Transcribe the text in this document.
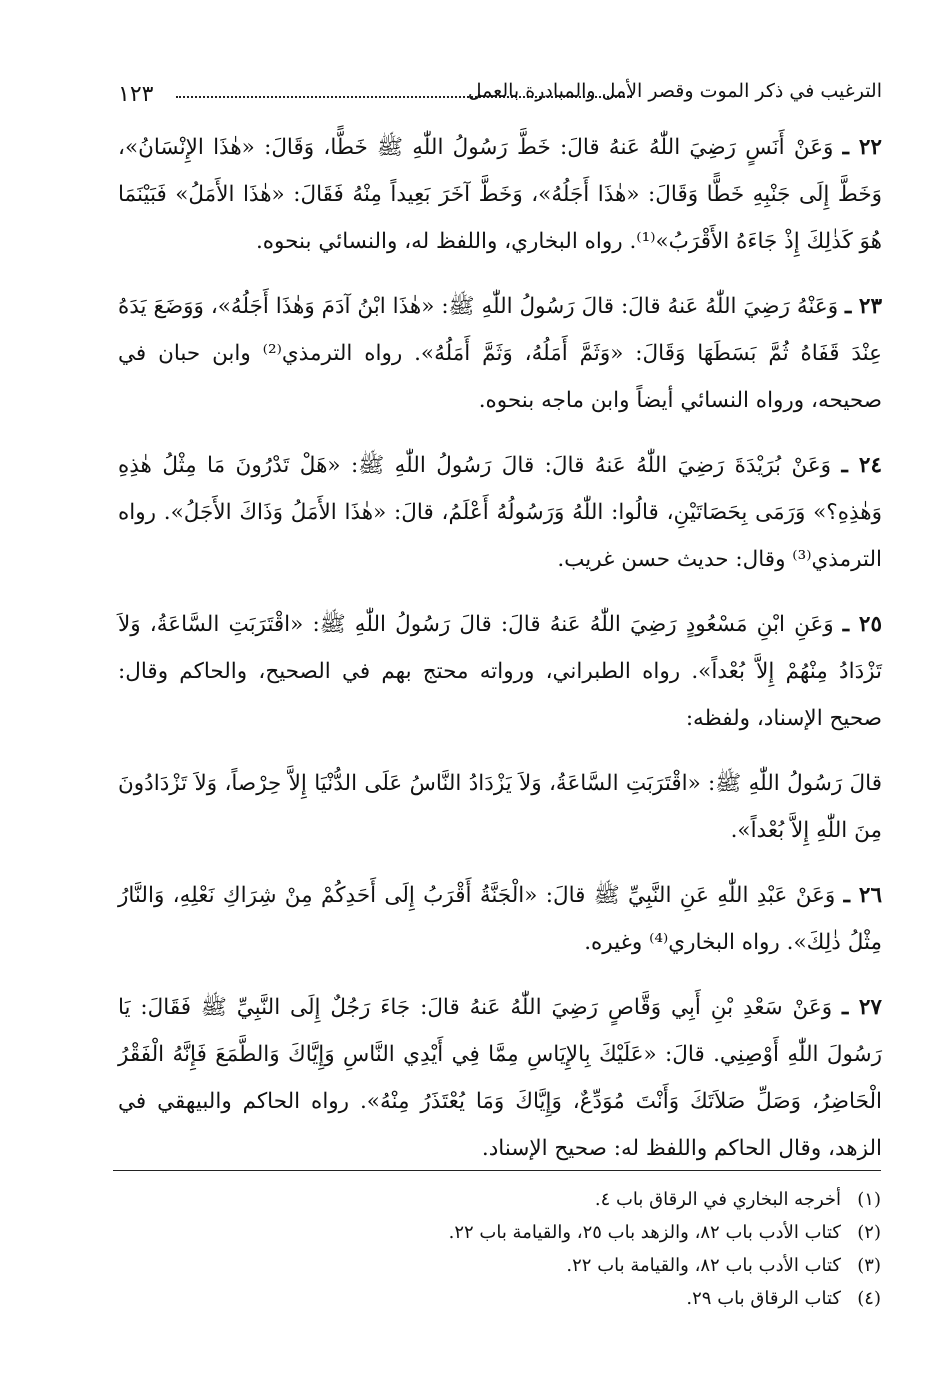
١٢٣	الترغيب في ذكر الموت وقصر الأمل والمبادرة بالعمل

٢٢ ـ وَعَنْ أَنَسٍ رَضِيَ اللّٰهُ عَنهُ قالَ: خَطَّ رَسُولُ اللّٰهِ ﷺ خَطًّا، وَقَالَ: «هٰذَا الإِنْسَانُ»، وَخَطَّ إِلَى جَنْبِهِ خَطًّا وَقَالَ: «هٰذَا أَجَلُهُ»، وَخَطَّ آخَرَ بَعِيداً مِنْهُ فَقَالَ: «هٰذَا الأَمَلُ» فَبَيْنَمَا هُوَ كَذٰلِكَ إِذْ جَاءَهُ الأَقْرَبُ»⁽¹⁾. رواه البخاري، واللفظ له، والنسائي بنحوه.

٢٣ ـ وَعَنْهُ رَضِيَ اللّٰهُ عَنهُ قالَ: قالَ رَسُولُ اللّٰهِ ﷺ: «هٰذَا ابْنُ آدَمَ وَهٰذَا أَجَلُهُ»، وَوَضَعَ يَدَهُ عِنْدَ قَفَاهُ ثُمَّ بَسَطَهَا وَقَالَ: «وَثَمَّ أَمَلُهُ، وَثَمَّ أَمَلُهُ». رواه الترمذي⁽²⁾ وابن حبان في صحيحه، ورواه النسائي أيضاً وابن ماجه بنحوه.

٢٤ ـ وَعَنْ بُرَيْدَةَ رَضِيَ اللّٰهُ عَنهُ قالَ: قالَ رَسُولُ اللّٰهِ ﷺ: «هَلْ تَدْرُونَ مَا مِثْلُ هٰذِهِ وَهٰذِهِ؟» وَرَمَى بِحَصَاتَيْنِ، قالُوا: اللّٰهُ وَرَسُولُهُ أَعْلَمُ، قالَ: «هٰذَا الأَمَلُ وَذَاكَ الأَجَلُ». رواه الترمذي⁽³⁾ وقال: حديث حسن غريب.

٢٥ ـ وَعَنِ ابْنِ مَسْعُودٍ رَضِيَ اللّٰهُ عَنهُ قالَ: قالَ رَسُولُ اللّٰهِ ﷺ: «اقْتَرَبَتِ السَّاعَةُ، وَلاَ تَزْدَادُ مِنْهُمْ إِلاَّ بُعْداً». رواه الطبراني، ورواته محتج بهم في الصحيح، والحاكم وقال: صحيح الإسناد، ولفظه:

قالَ رَسُولُ اللّٰهِ ﷺ: «اقْتَرَبَتِ السَّاعَةُ، وَلاَ يَزْدَادُ النَّاسُ عَلَى الدُّنْيَا إِلاَّ حِرْصاً، وَلاَ تَزْدَادُونَ مِنَ اللّٰهِ إِلاَّ بُعْداً».

٢٦ ـ وَعَنْ عَبْدِ اللّٰهِ عَنِ النَّبِيِّ ﷺ قالَ: «الْجَنَّةُ أَقْرَبُ إِلَى أَحَدِكُمْ مِنْ شِرَاكِ نَعْلِهِ، وَالنَّارُ مِثْلُ ذٰلِكَ». رواه البخاري⁽⁴⁾ وغيره.

٢٧ ـ وَعَنْ سَعْدِ بْنِ أَبِي وَقَّاصٍ رَضِيَ اللّٰهُ عَنهُ قالَ: جَاءَ رَجُلٌ إِلَى النَّبِيِّ ﷺ فَقَالَ: يَا رَسُولَ اللّٰهِ أَوْصِنِي. قالَ: «عَلَيْكَ بِالإِيَاسِ مِمَّا فِي أَيْدِي النَّاسِ وَإِيَّاكَ وَالطَّمَعَ فَإِنَّهُ الْفَقْرُ الْحَاضِرُ، وَصَلِّ صَلاَتَكَ وَأَنْتَ مُوَدِّعٌ، وَإِيَّاكَ وَمَا يُعْتَذَرُ مِنْهُ». رواه الحاكم والبيهقي في الزهد، وقال الحاكم واللفظ له: صحيح الإسناد.

(١)أخرجه البخاري في الرقاق باب ٤.
(٢)كتاب الأدب باب ٨٢، والزهد باب ٢٥، والقيامة باب ٢٢.
(٣)كتاب الأدب باب ٨٢، والقيامة باب ٢٢.
(٤)كتاب الرقاق باب ٢٩.
